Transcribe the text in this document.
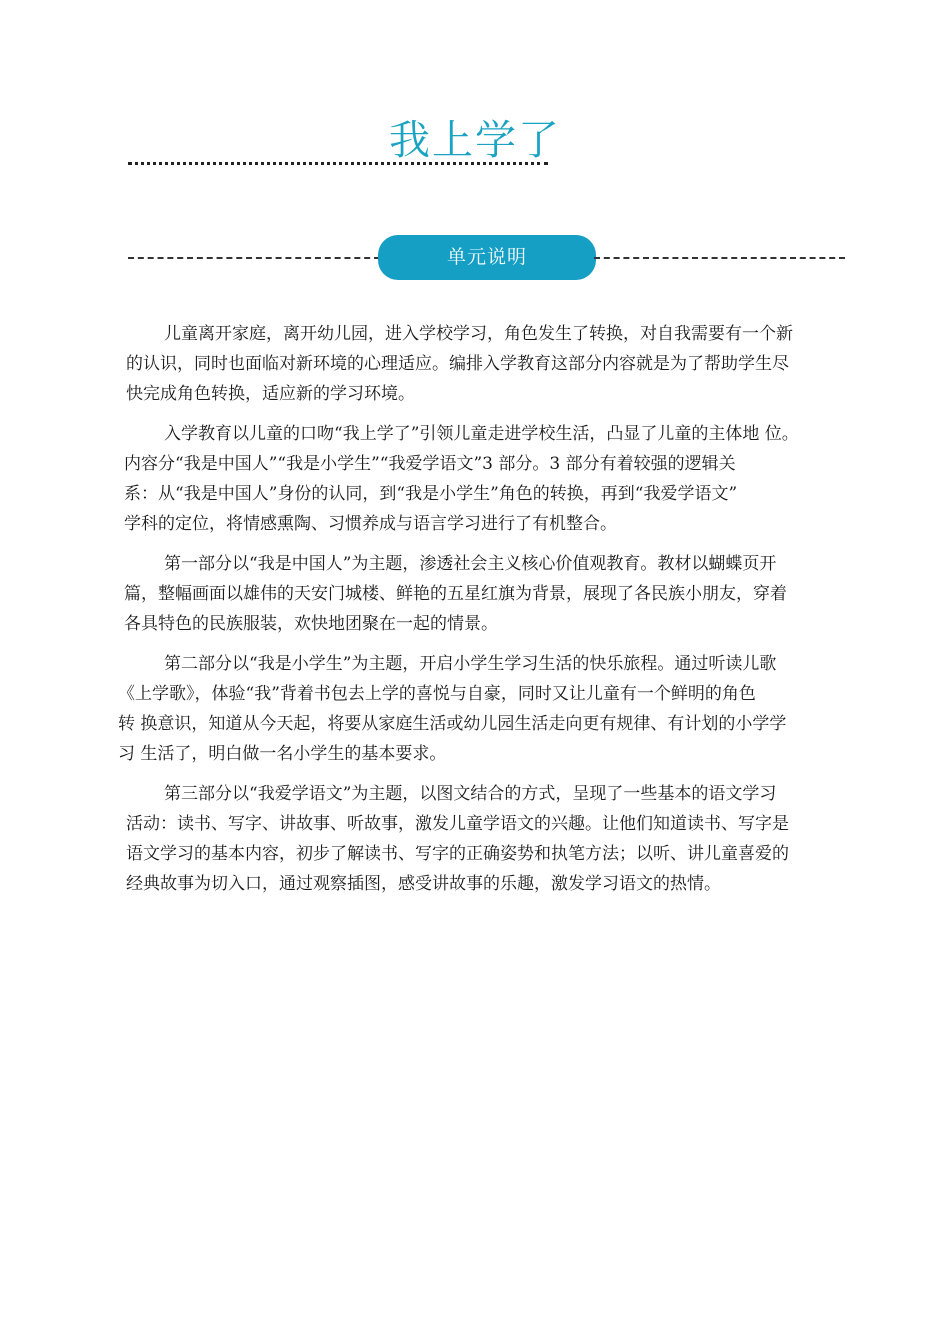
我上学了
单元说明

儿童离开家庭，离开幼儿园，进入学校学习，角色发生了转换，对自我需要有一个新
的认识，同时也面临对新环境的心理适应。编排入学教育这部分内容就是为了帮助学生尽
快完成角色转换，适应新的学习环境。

入学教育以儿童的口吻“我上学了”引领儿童走进学校生活，凸显了儿童的主体地 位。
内容分“我是中国人”“我是小学生”“我爱学语文”3 部分。3 部分有着较强的逻辑关
系：从“我是中国人”身份的认同，到“我是小学生”角色的转换，再到“我爱学语文”
学科的定位，将情感熏陶、习惯养成与语言学习进行了有机整合。

第一部分以“我是中国人”为主题，渗透社会主义核心价值观教育。教材以蝴蝶页开
篇，整幅画面以雄伟的天安门城楼、鲜艳的五星红旗为背景，展现了各民族小朋友，穿着
各具特色的民族服装，欢快地团聚在一起的情景。

第二部分以“我是小学生”为主题，开启小学生学习生活的快乐旅程。通过听读儿歌
《上学歌》，体验“我”背着书包去上学的喜悦与自豪，同时又让儿童有一个鲜明的角色
转 换意识，知道从今天起，将要从家庭生活或幼儿园生活走向更有规律、有计划的小学学
习 生活了，明白做一名小学生的基本要求。

第三部分以“我爱学语文”为主题，以图文结合的方式，呈现了一些基本的语文学习
活动：读书、写字、讲故事、听故事，激发儿童学语文的兴趣。让他们知道读书、写字是
语文学习的基本内容，初步了解读书、写字的正确姿势和执笔方法；以听、讲儿童喜爱的
经典故事为切入口，通过观察插图，感受讲故事的乐趣，激发学习语文的热情。
